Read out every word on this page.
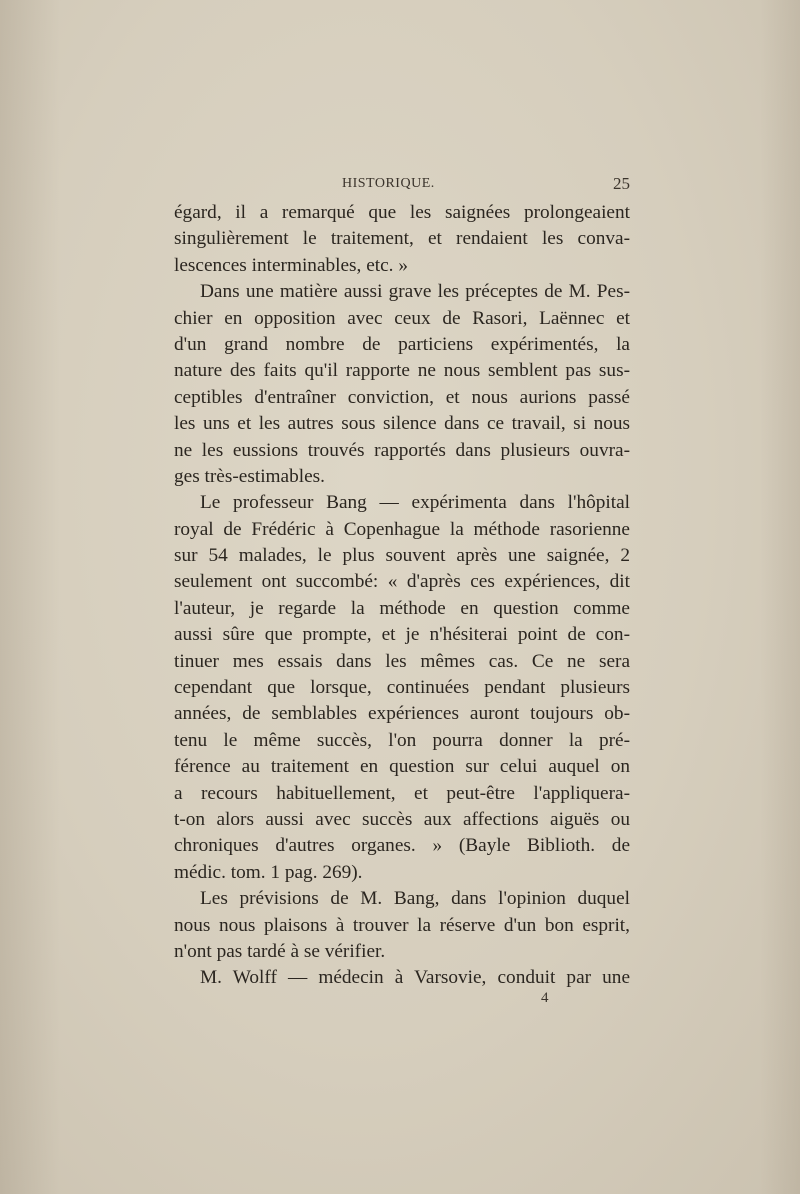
HISTORIQUE.	25
égard, il a remarqué que les saignées prolongeaient
singulièrement le traitement, et rendaient les conva-
lescences interminables, etc. »
Dans une matière aussi grave les préceptes de M. Pes-
chier en opposition avec ceux de Rasori, Laënnec et
d'un grand nombre de particiens expérimentés, la
nature des faits qu'il rapporte ne nous semblent pas sus-
ceptibles d'entraîner conviction, et nous aurions passé
les uns et les autres sous silence dans ce travail, si nous
ne les eussions trouvés rapportés dans plusieurs ouvra-
ges très-estimables.
Le professeur Bang — expérimenta dans l'hôpital
royal de Frédéric à Copenhague la méthode rasorienne
sur 54 malades, le plus souvent après une saignée, 2
seulement ont succombé: « d'après ces expériences, dit
l'auteur, je regarde la méthode en question comme
aussi sûre que prompte, et je n'hésiterai point de con-
tinuer mes essais dans les mêmes cas. Ce ne sera
cependant que lorsque, continuées pendant plusieurs
années, de semblables expériences auront toujours ob-
tenu le même succès, l'on pourra donner la pré-
férence au traitement en question sur celui auquel on
a recours habituellement, et peut-être l'appliquera-
t-on alors aussi avec succès aux affections aiguës ou
chroniques d'autres organes. » (Bayle Biblioth. de
médic. tom. 1 pag. 269).
Les prévisions de M. Bang, dans l'opinion duquel
nous nous plaisons à trouver la réserve d'un bon esprit,
n'ont pas tardé à se vérifier.
M. Wolff — médecin à Varsovie, conduit par une
4
